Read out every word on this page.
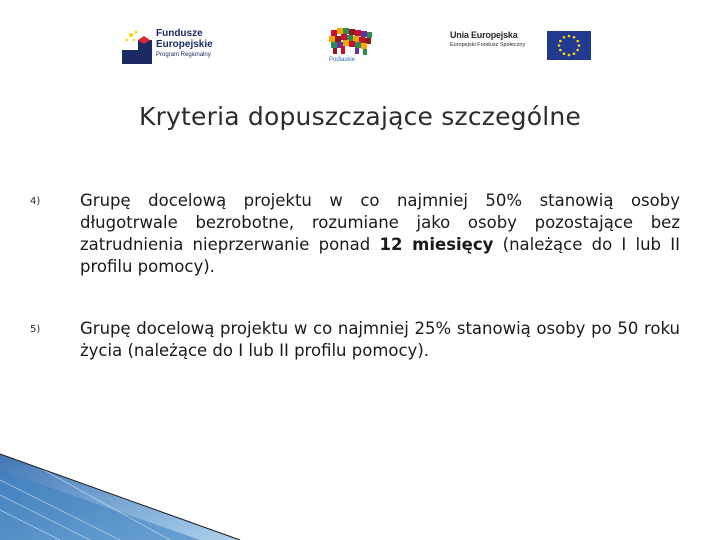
Fundusze
Europejskie
Program Regionalny
Podlaskie
Unia Europejska
Europejski Fundusz Społeczny
Kryteria dopuszczające szczególne
4) Grupę docelową projektu w co najmniej 50% stanowią osoby długotrwale bezrobotne, rozumiane jako osoby pozostające bez zatrudnienia nieprzerwanie ponad 12 miesięcy (należące do I lub II profilu pomocy).
5) Grupę docelową projektu w co najmniej 25% stanowią osoby po 50 roku życia (należące do I lub II profilu pomocy).
